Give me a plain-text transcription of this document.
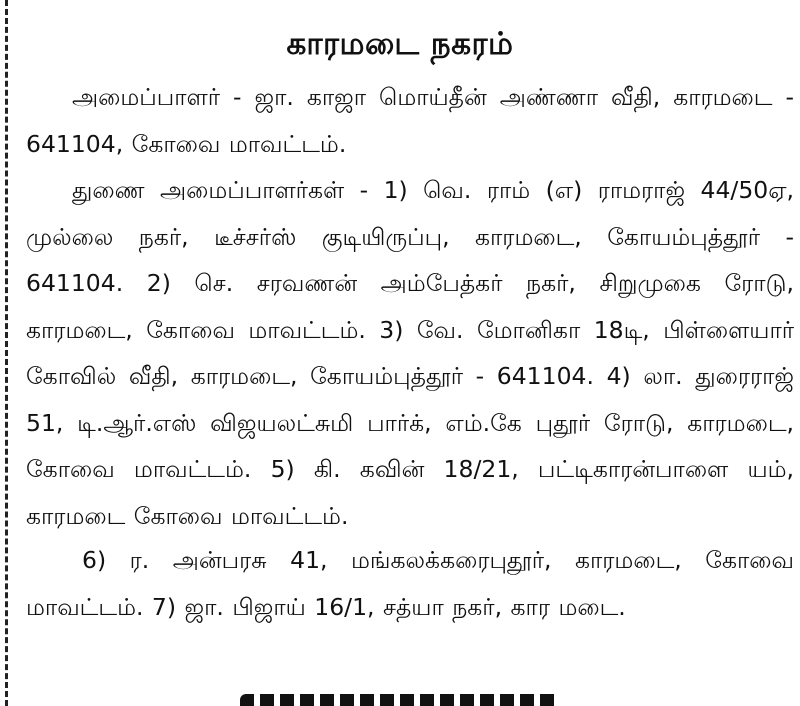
காரமடை நகரம்
அமைப்பாளர் - ஜா. காஜா மொய்தீன் அண்ணா வீதி, காரமடை - 641104, கோவை மாவட்டம்.
துணை அமைப்பாளர்கள் - 1) வெ. ராம் (எ) ராமராஜ் 44/50ஏ, முல்லை நகர், டீச்சர்ஸ் குடியிருப்பு, காரமடை, கோயம்புத்தூர் - 641104. 2) செ. சரவணன் அம்பேத்கர் நகர், சிறுமுகை ரோடு, காரமடை, கோவை மாவட்டம். 3) வே. மோனிகா 18டி, பிள்ளையார் கோவில் வீதி, காரமடை, கோயம்புத்தூர் - 641104. 4) லா. துரைராஜ் 51, டி.ஆர்.எஸ் விஜயலட்சுமி பார்க், எம்.கே புதூர் ரோடு, காரமடை, கோவை மாவட்டம். 5) கி. கவின் 18/21, பட்டிகாரன்பாளை யம், காரமடை கோவை மாவட்டம்.
6) ர. அன்பரசு 41, மங்கலக்கரைபுதூர், காரமடை, கோவை மாவட்டம். 7) ஜா. பிஜாய் 16/1, சத்யா நகர், கார மடை.
